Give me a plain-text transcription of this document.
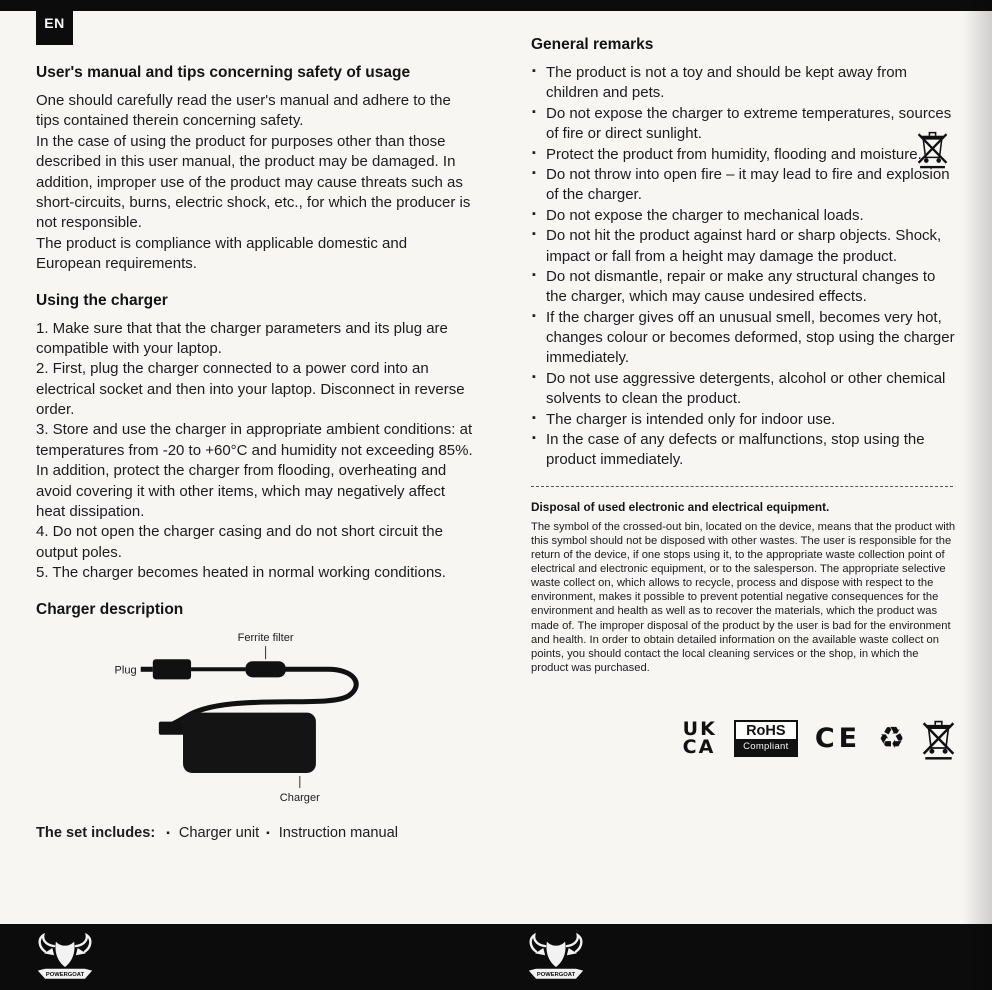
EN
User's manual and tips concerning safety of usage

One should carefully read the user's manual and adhere to the tips contained therein concerning safety.

In the case of using the product for purposes other than those described in this user manual, the product may be damaged. In addition, improper use of the product may cause threats such as short-circuits, burns, electric shock, etc., for which the producer is not responsible.

The product is compliance with applicable domestic and European requirements.

Using the charger

1. Make sure that that the charger parameters and its plug are compatible with your laptop.

2. First, plug the charger connected to a power cord into an electrical socket and then into your laptop. Disconnect in reverse order.

3. Store and use the charger in appropriate ambient conditions: at temperatures from -20 to +60°C and humidity not exceeding 85%. In addition, protect the charger from flooding, overheating and avoid covering it with other items, which may negatively affect heat dissipation.

4. Do not open the charger casing and do not short circuit the output poles.

5. The charger becomes heated in normal working conditions.

Charger description
Ferrite filter
Plug
Charger
The set includes: ▪ Charger unit ▪ Instruction manual
General remarks
▪ The product is not a toy and should be kept away from children and pets.
▪ Do not expose the charger to extreme temperatures, sources of fire or direct sunlight.
▪ Protect the product from humidity, flooding and moisture.
▪ Do not throw into open fire – it may lead to fire and explosion of the charger.
▪ Do not expose the charger to mechanical loads.
▪ Do not hit the product against hard or sharp objects. Shock, impact or fall from a height may damage the product.
▪ Do not dismantle, repair or make any structural changes to the charger, which may cause undesired effects.
▪ If the charger gives off an unusual smell, becomes very hot, changes colour or becomes deformed, stop using the charger immediately.
▪ Do not use aggressive detergents, alcohol or other chemical solvents to clean the product.
▪ The charger is intended only for indoor use.
▪ In the case of any defects or malfunctions, stop using the product immediately.
Disposal of used electronic and electrical equipment.

The symbol of the crossed-out bin, located on the device, means that the product with this symbol should not be disposed with other wastes. The user is responsible for the return of the device, if one stops using it, to the appropriate waste collection point of electrical and electronic equipment, or to the salesperson. The appropriate selective waste collect on, which allows to recycle, process and dispose with respect to the environment, makes it possible to prevent potential negative consequences for the environment and health as well as to recover the materials, which the product was made of. The improper disposal of the product by the user is bad for the environment and health. In order to obtain detailed information on the available waste collect on points, you should contact the local cleaning services or the shop, in which the product was purchased.

UK
CA
RoHS
Compliant CE ♻
